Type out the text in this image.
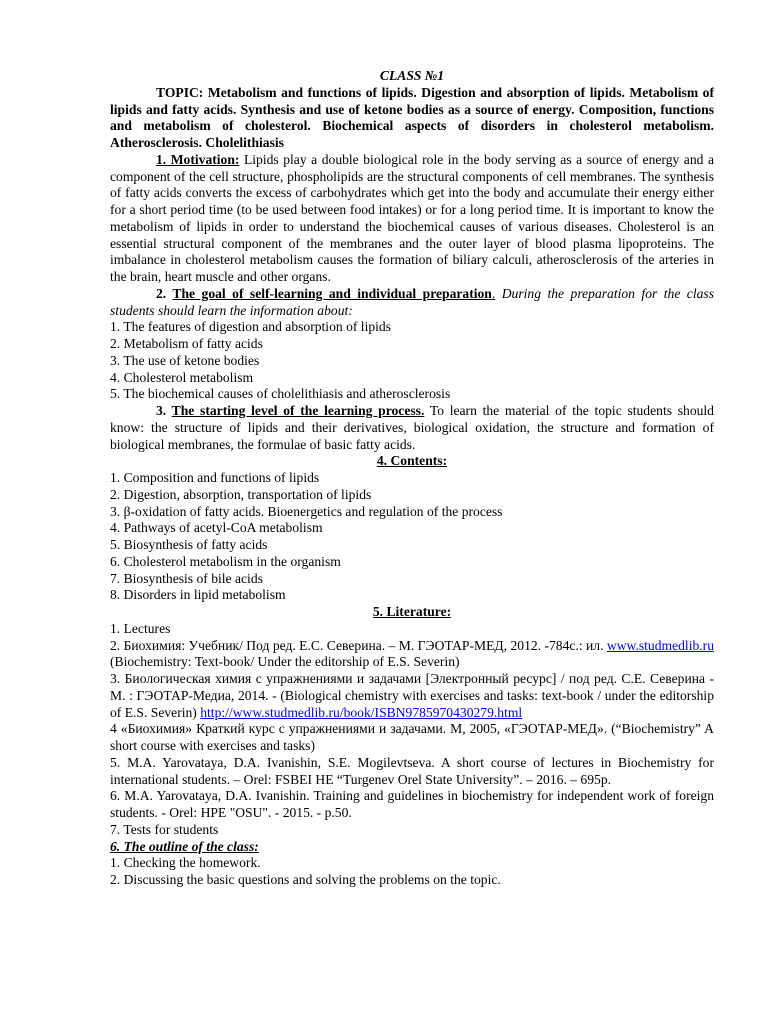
CLASS №1

TOPIC: Metabolism and functions of lipids. Digestion and absorption of lipids. Metabolism of lipids and fatty acids. Synthesis and use of ketone bodies as a source of energy. Composition, functions and metabolism of cholesterol. Biochemical aspects of disorders in cholesterol metabolism. Atherosclerosis. Cholelithiasis

1. Motivation: Lipids play a double biological role in the body serving as a source of energy and a component of the cell structure, phospholipids are the structural components of cell membranes. The synthesis of fatty acids converts the excess of carbohydrates which get into the body and accumulate their energy either for a short period time (to be used between food intakes) or for a long period time. It is important to know the metabolism of lipids in order to understand the biochemical causes of various diseases. Cholesterol is an essential structural component of the membranes and the outer layer of blood plasma lipoproteins. The imbalance in cholesterol metabolism causes the formation of biliary calculi, atherosclerosis of the arteries in the brain, heart muscle and other organs.

2. The goal of self-learning and individual preparation. During the preparation for the class students should learn the information about:

1. The features of digestion and absorption of lipids

2. Metabolism of fatty acids

3. The use of ketone bodies

4. Cholesterol metabolism

5. The biochemical causes of cholelithiasis and atherosclerosis

3. The starting level of the learning process. To learn the material of the topic students should know: the structure of lipids and their derivatives, biological oxidation, the structure and formation of biological membranes, the formulae of basic fatty acids.

4. Contents:

1. Composition and functions of lipids

2. Digestion, absorption, transportation of lipids

3. β-oxidation of fatty acids. Bioenergetics and regulation of the process

4. Pathways of acetyl-CoA metabolism

5. Biosynthesis of fatty acids

6. Cholesterol metabolism in the organism

7. Biosynthesis of bile acids

8. Disorders in lipid metabolism

5. Literature:

1. Lectures

2. Биохимия: Учебник/ Под ред. Е.С. Северина. – М. ГЭОТАР-МЕД, 2012. -784с.: ил. www.studmedlib.ru (Biochemistry: Text-book/ Under the editorship of E.S. Severin)

3. Биологическая химия с упражнениями и задачами [Электронный ресурс] / под ред. С.Е. Северина - М. : ГЭОТАР-Медиа, 2014. - (Biological chemistry with exercises and tasks: text-book / under the editorship of E.S. Severin) http://www.studmedlib.ru/book/ISBN9785970430279.html

4 «Биохимия» Краткий курс с упражнениями и задачами. М, 2005, «ГЭОТАР-МЕД». (“Biochemistry” A short course with exercises and tasks)

5. M.A. Yarovataya, D.A. Ivanishin, S.E. Mogilevtseva. A short course of lectures in Biochemistry for international students. – Orel: FSBEI HE “Turgenev Orel State University”. – 2016. – 695p.

6. M.A. Yarovataya, D.A. Ivanishin. Training and guidelines in biochemistry for independent work of foreign students. - Orel: HPE "OSU". - 2015. - p.50.

7. Tests for students

6. The outline of the class:

1. Checking the homework.

2. Discussing the basic questions and solving the problems on the topic.
